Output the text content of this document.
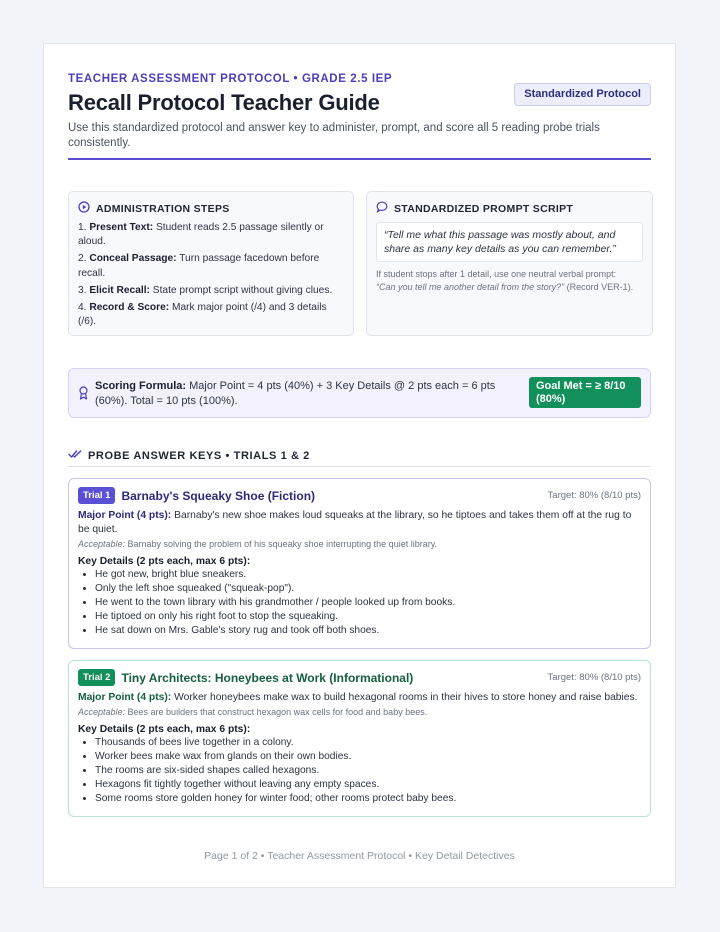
TEACHER ASSESSMENT PROTOCOL • GRADE 2.5 IEP
Standardized Protocol
Recall Protocol Teacher Guide
Use this standardized protocol and answer key to administer, prompt, and score all 5 reading probe trials consistently.
ADMINISTRATION STEPS
1. Present Text: Student reads 2.5 passage silently or aloud.
2. Conceal Passage: Turn passage facedown before recall.
3. Elicit Recall: State prompt script without giving clues.
4. Record & Score: Mark major point (/4) and 3 details (/6).
STANDARDIZED PROMPT SCRIPT
“Tell me what this passage was mostly about, and share as many key details as you can remember.”
If student stops after 1 detail, use one neutral verbal prompt:
“Can you tell me another detail from the story?” (Record VER-1).
Scoring Formula: Major Point = 4 pts (40%) + 3 Key Details @ 2 pts each = 6 pts (60%). Total = 10 pts (100%).
Goal Met = ≥ 8/10 (80%)
PROBE ANSWER KEYS • TRIALS 1 & 2
Trial 1 Barnaby's Squeaky Shoe (Fiction)	Target: 80% (8/10 pts)
Major Point (4 pts): Barnaby's new shoe makes loud squeaks at the library, so he tiptoes and takes them off at the rug to be quiet.
Acceptable: Barnaby solving the problem of his squeaky shoe interrupting the quiet library.
Key Details (2 pts each, max 6 pts):
• He got new, bright blue sneakers.
• Only the left shoe squeaked ("squeak-pop").
• He went to the town library with his grandmother / people looked up from books.
• He tiptoed on only his right foot to stop the squeaking.
• He sat down on Mrs. Gable's story rug and took off both shoes.
Trial 2 Tiny Architects: Honeybees at Work (Informational)	Target: 80% (8/10 pts)
Major Point (4 pts): Worker honeybees make wax to build hexagonal rooms in their hives to store honey and raise babies.
Acceptable: Bees are builders that construct hexagon wax cells for food and baby bees.
Key Details (2 pts each, max 6 pts):
• Thousands of bees live together in a colony.
• Worker bees make wax from glands on their own bodies.
• The rooms are six-sided shapes called hexagons.
• Hexagons fit tightly together without leaving any empty spaces.
• Some rooms store golden honey for winter food; other rooms protect baby bees.
Page 1 of 2 • Teacher Assessment Protocol • Key Detail Detectives
